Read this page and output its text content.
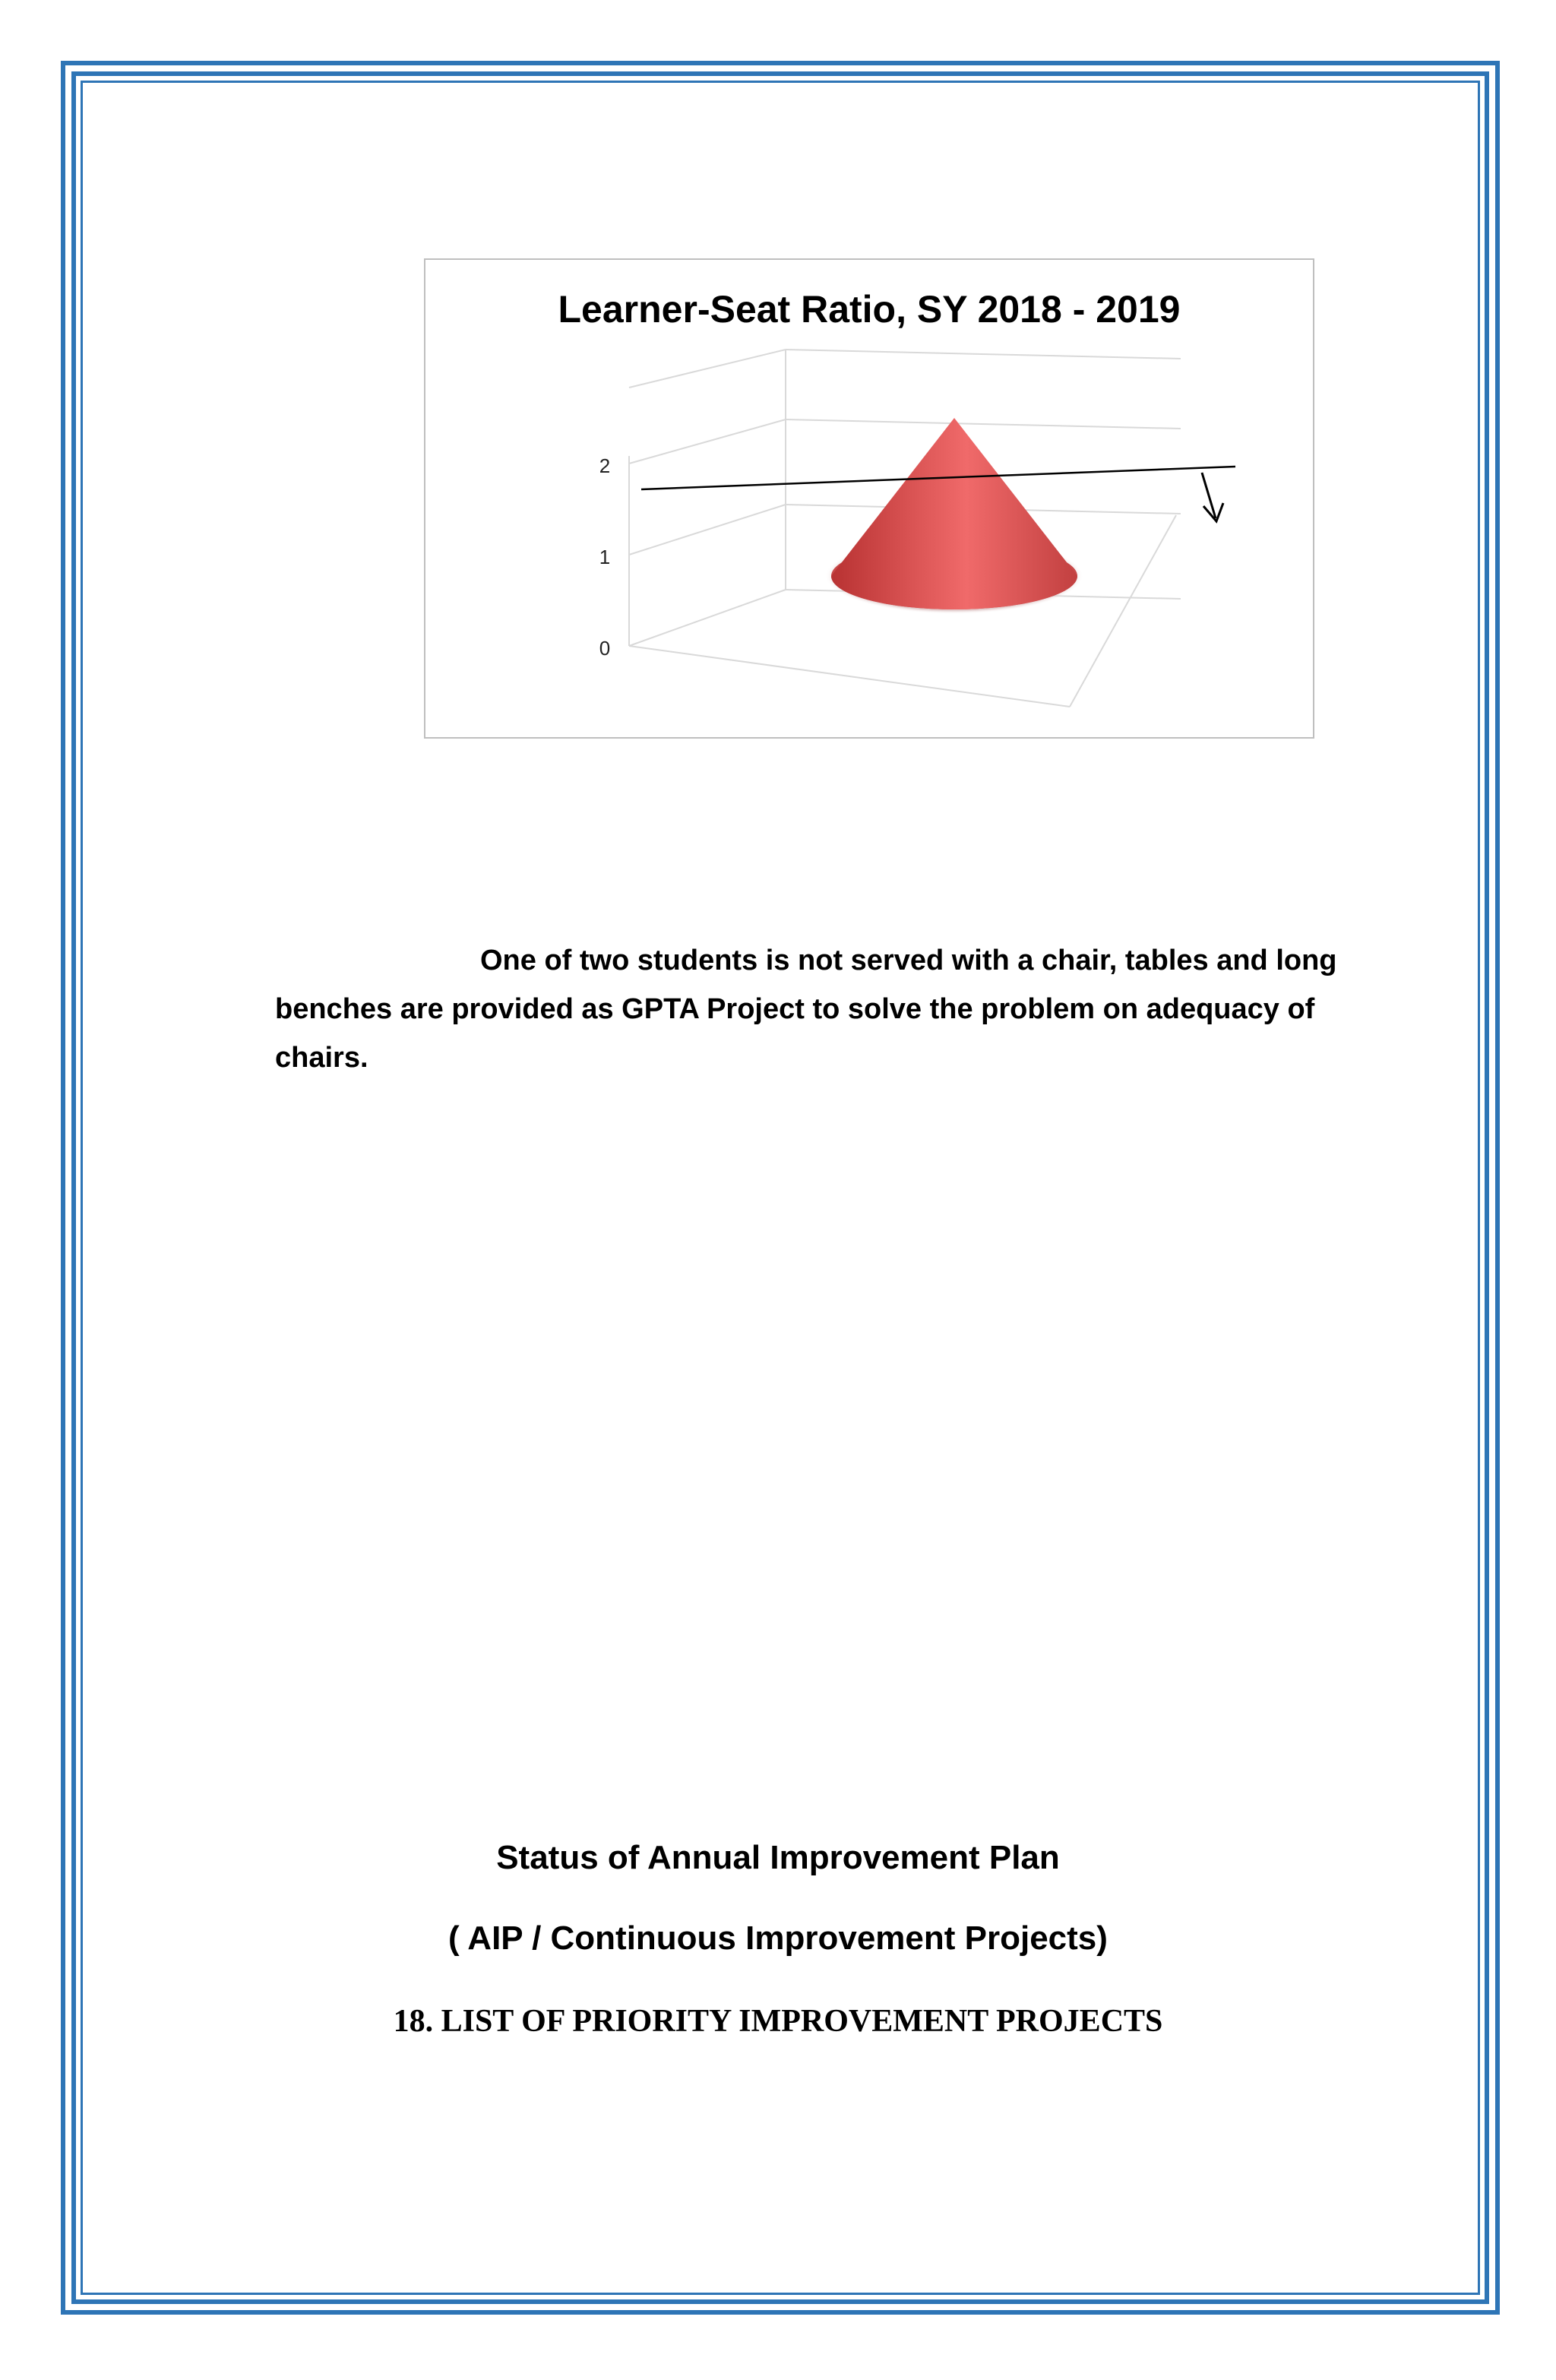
0
1
2
Learner-Seat Ratio, SY 2018 - 2019
One of two students is not served with a chair, tables and long benches are provided as GPTA Project to solve the problem on adequacy of chairs.
Status of Annual Improvement Plan
( AIP / Continuous Improvement Projects)
18. LIST OF PRIORITY IMPROVEMENT PROJECTS
